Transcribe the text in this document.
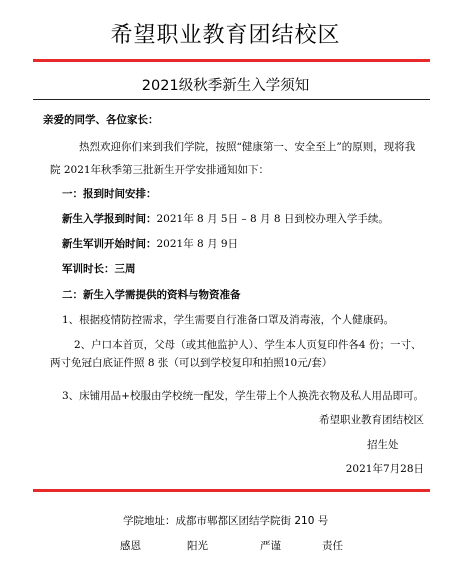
希望职业教育团结校区
2021级秋季新生入学须知
亲爱的同学、各位家长：
热烈欢迎你们来到我们学院，按照“健康第一、安全至上”的原则，现将我
院 2021年秋季第三批新生开学安排通知如下：
一：报到时间安排：
新生入学报到时间：2021年 8 月 5日 – 8 月 8 日到校办理入学手续。
新生军训开始时间：2021年 8 月 9日
军训时长：三周
二：新生入学需提供的资料与物资准备
1、根据疫情防控需求，学生需要自行准备口罩及消毒液，个人健康码。
2、户口本首页，父母（或其他监护人）、学生本人页复印件各4 份；一寸、两寸免冠白底证件照 8 张（可以到学校复印和拍照10元/套）
3、床铺用品+校服由学校统一配发，学生带上个人换洗衣物及私人用品即可。
希望职业教育团结校区
招生处
2021年7月28日
学院地址：成都市郫都区团结学院街 210 号
感恩	阳光	严谨	责任
